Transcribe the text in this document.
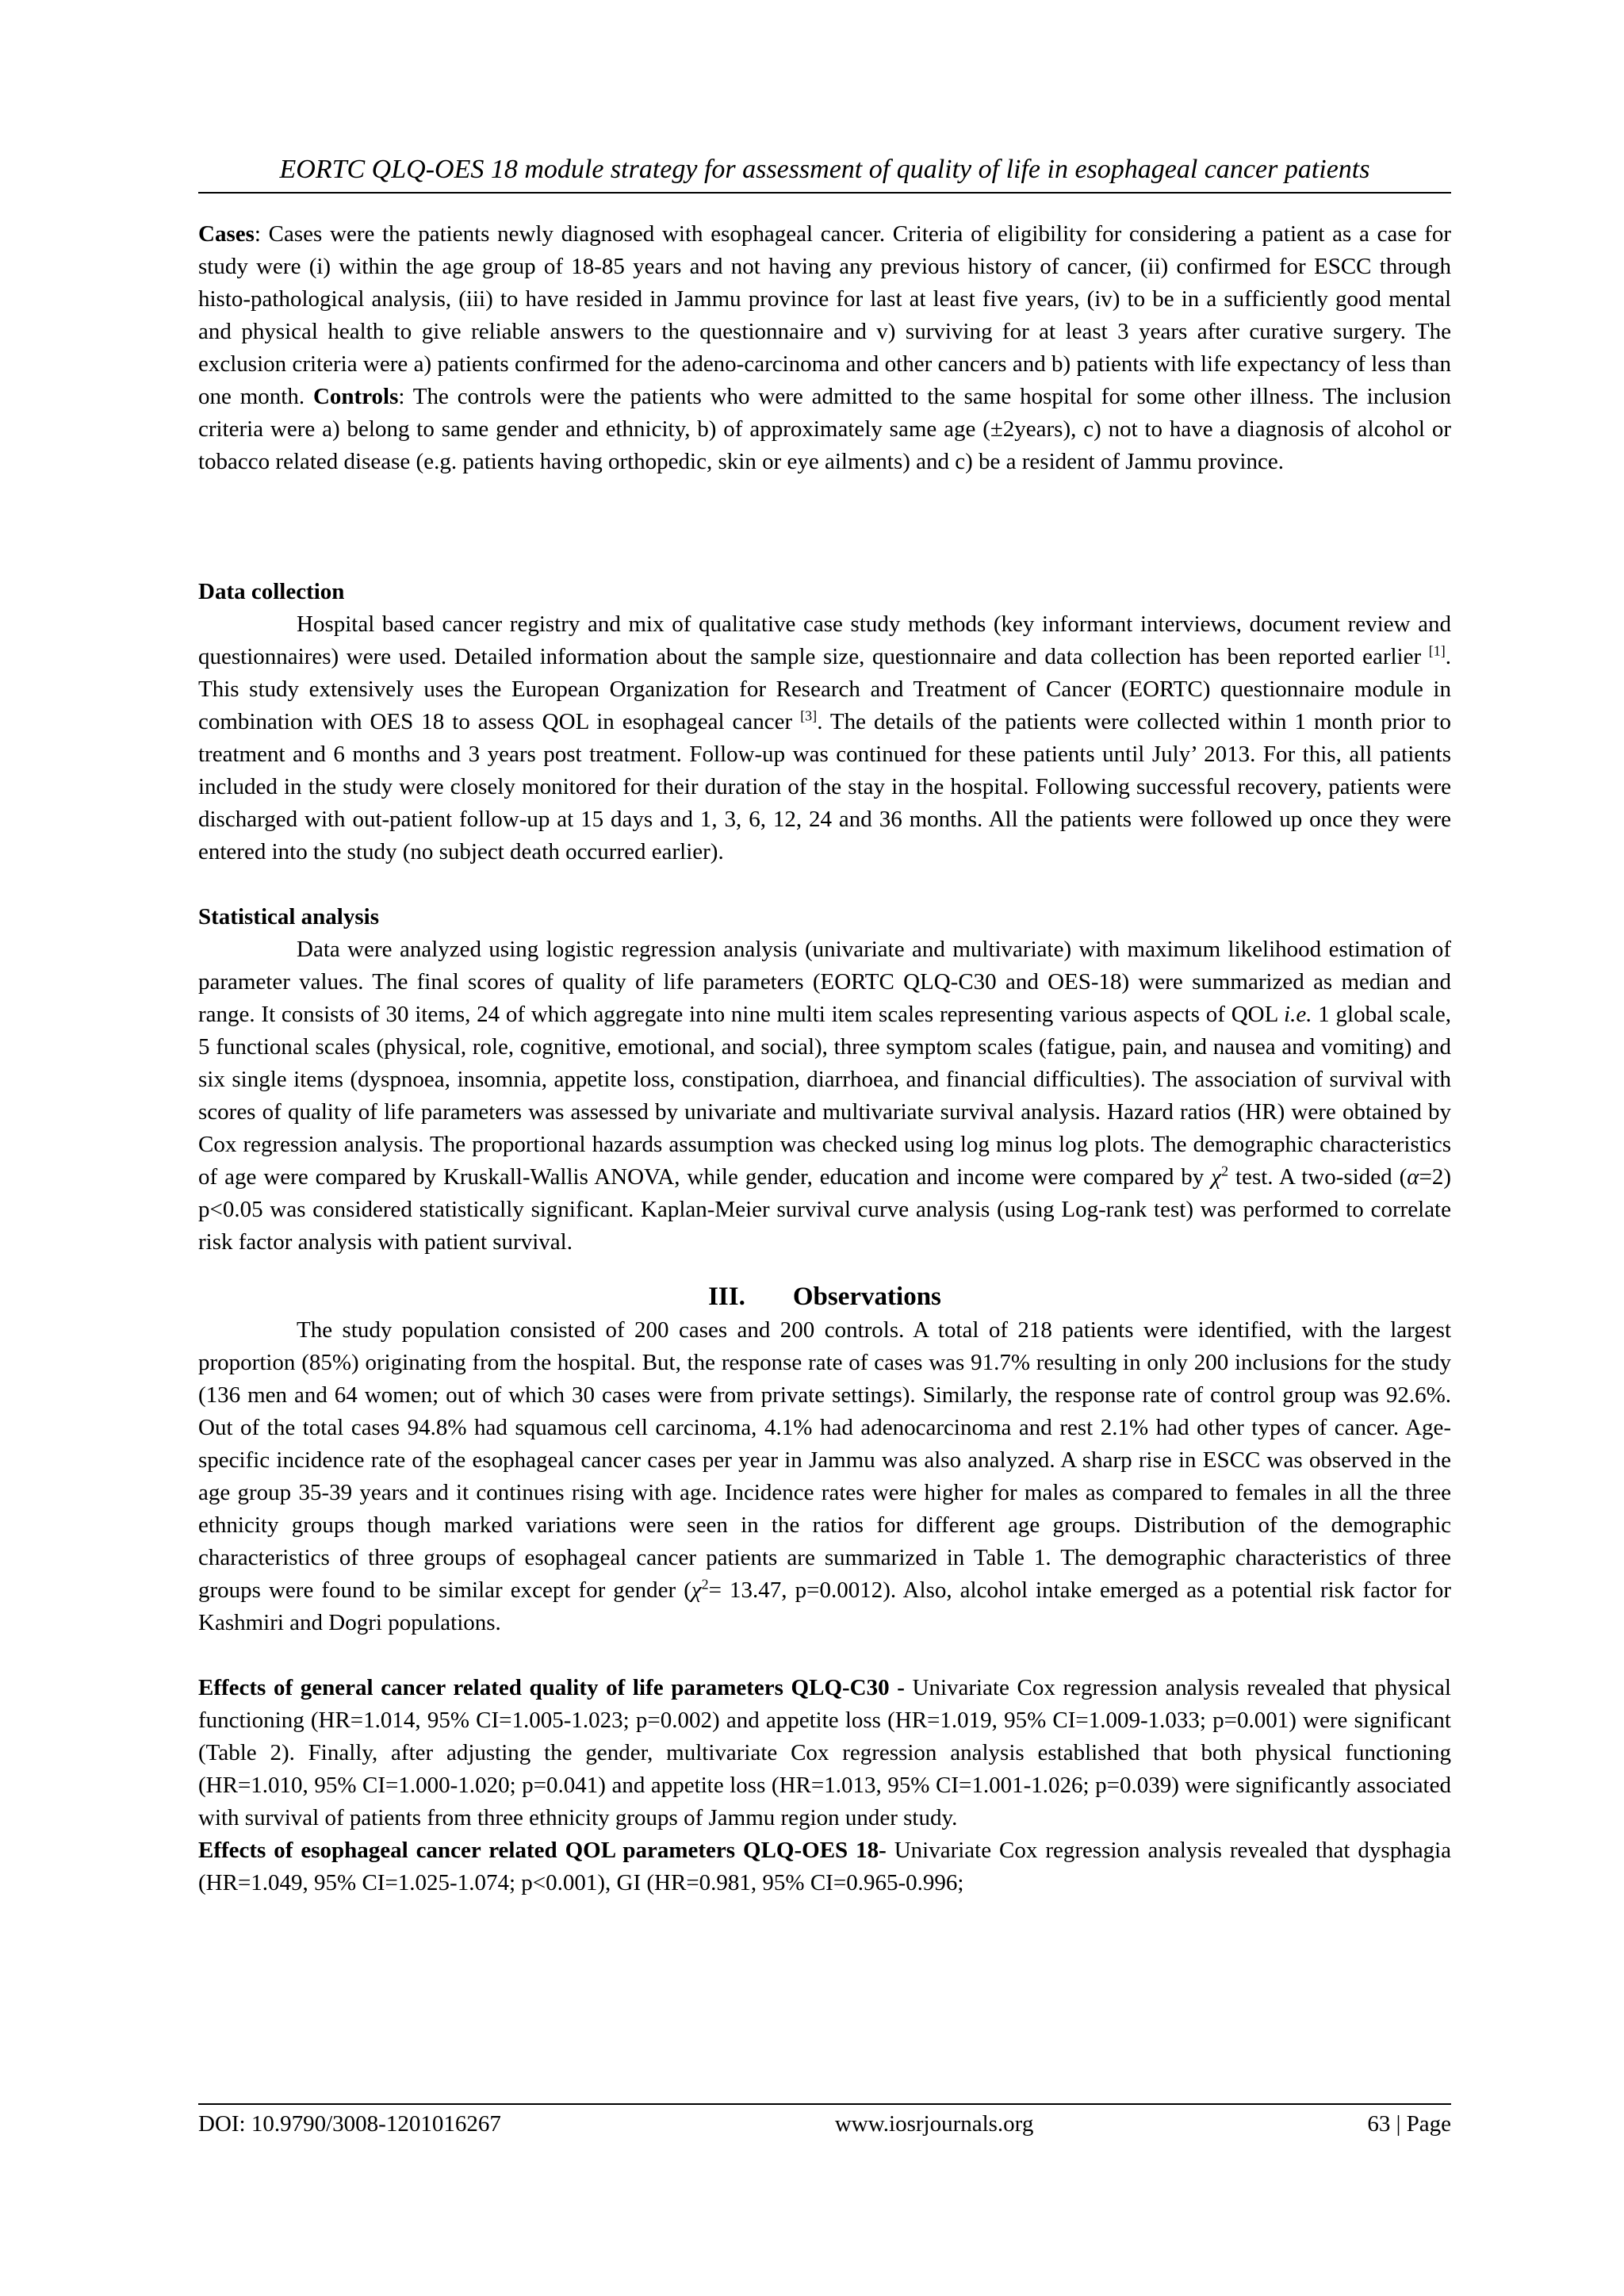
EORTC QLQ-OES 18 module strategy for assessment of quality of life in esophageal cancer patients

Cases: Cases were the patients newly diagnosed with esophageal cancer. Criteria of eligibility for considering a patient as a case for study were (i) within the age group of 18-85 years and not having any previous history of cancer, (ii) confirmed for ESCC through histo-pathological analysis, (iii) to have resided in Jammu province for last at least five years, (iv) to be in a sufficiently good mental and physical health to give reliable answers to the questionnaire and v) surviving for at least 3 years after curative surgery. The exclusion criteria were a) patients confirmed for the adeno-carcinoma and other cancers and b) patients with life expectancy of less than one month. Controls: The controls were the patients who were admitted to the same hospital for some other illness. The inclusion criteria were a) belong to same gender and ethnicity, b) of approximately same age (±2years), c) not to have a diagnosis of alcohol or tobacco related disease (e.g. patients having orthopedic, skin or eye ailments) and c) be a resident of Jammu province.

Data collection

Hospital based cancer registry and mix of qualitative case study methods (key informant interviews, document review and questionnaires) were used. Detailed information about the sample size, questionnaire and data collection has been reported earlier [1]. This study extensively uses the European Organization for Research and Treatment of Cancer (EORTC) questionnaire module in combination with OES 18 to assess QOL in esophageal cancer [3]. The details of the patients were collected within 1 month prior to treatment and 6 months and 3 years post treatment. Follow-up was continued for these patients until July’ 2013. For this, all patients included in the study were closely monitored for their duration of the stay in the hospital. Following successful recovery, patients were discharged with out-patient follow-up at 15 days and 1, 3, 6, 12, 24 and 36 months. All the patients were followed up once they were entered into the study (no subject death occurred earlier).

Statistical analysis

Data were analyzed using logistic regression analysis (univariate and multivariate) with maximum likelihood estimation of parameter values. The final scores of quality of life parameters (EORTC QLQ-C30 and OES-18) were summarized as median and range. It consists of 30 items, 24 of which aggregate into nine multi item scales representing various aspects of QOL i.e. 1 global scale, 5 functional scales (physical, role, cognitive, emotional, and social), three symptom scales (fatigue, pain, and nausea and vomiting) and six single items (dyspnoea, insomnia, appetite loss, constipation, diarrhoea, and financial difficulties). The association of survival with scores of quality of life parameters was assessed by univariate and multivariate survival analysis. Hazard ratios (HR) were obtained by Cox regression analysis. The proportional hazards assumption was checked using log minus log plots. The demographic characteristics of age were compared by Kruskall-Wallis ANOVA, while gender, education and income were compared by $\chi^2$ test. A two-sided (α=2) p<0.05 was considered statistically significant. Kaplan-Meier survival curve analysis (using Log-rank test) was performed to correlate risk factor analysis with patient survival.

III. Observations

The study population consisted of 200 cases and 200 controls. A total of 218 patients were identified, with the largest proportion (85%) originating from the hospital. But, the response rate of cases was 91.7% resulting in only 200 inclusions for the study (136 men and 64 women; out of which 30 cases were from private settings). Similarly, the response rate of control group was 92.6%. Out of the total cases 94.8% had squamous cell carcinoma, 4.1% had adenocarcinoma and rest 2.1% had other types of cancer. Age-specific incidence rate of the esophageal cancer cases per year in Jammu was also analyzed. A sharp rise in ESCC was observed in the age group 35-39 years and it continues rising with age. Incidence rates were higher for males as compared to females in all the three ethnicity groups though marked variations were seen in the ratios for different age groups. Distribution of the demographic characteristics of three groups of esophageal cancer patients are summarized in Table 1. The demographic characteristics of three groups were found to be similar except for gender ($\chi^2= 13.47$, p=0.0012). Also, alcohol intake emerged as a potential risk factor for Kashmiri and Dogri populations.

Effects of general cancer related quality of life parameters QLQ-C30 - Univariate Cox regression analysis revealed that physical functioning (HR=1.014, 95% CI=1.005-1.023; p=0.002) and appetite loss (HR=1.019, 95% CI=1.009-1.033; p=0.001) were significant (Table 2). Finally, after adjusting the gender, multivariate Cox regression analysis established that both physical functioning (HR=1.010, 95% CI=1.000-1.020; p=0.041) and appetite loss (HR=1.013, 95% CI=1.001-1.026; p=0.039) were significantly associated with survival of patients from three ethnicity groups of Jammu region under study.

Effects of esophageal cancer related QOL parameters QLQ-OES 18- Univariate Cox regression analysis revealed that dysphagia (HR=1.049, 95% CI=1.025-1.074; p<0.001), GI (HR=0.981, 95% CI=0.965-0.996;

DOI: 10.9790/3008-1201016267	www.iosrjournals.org	63 | Page
